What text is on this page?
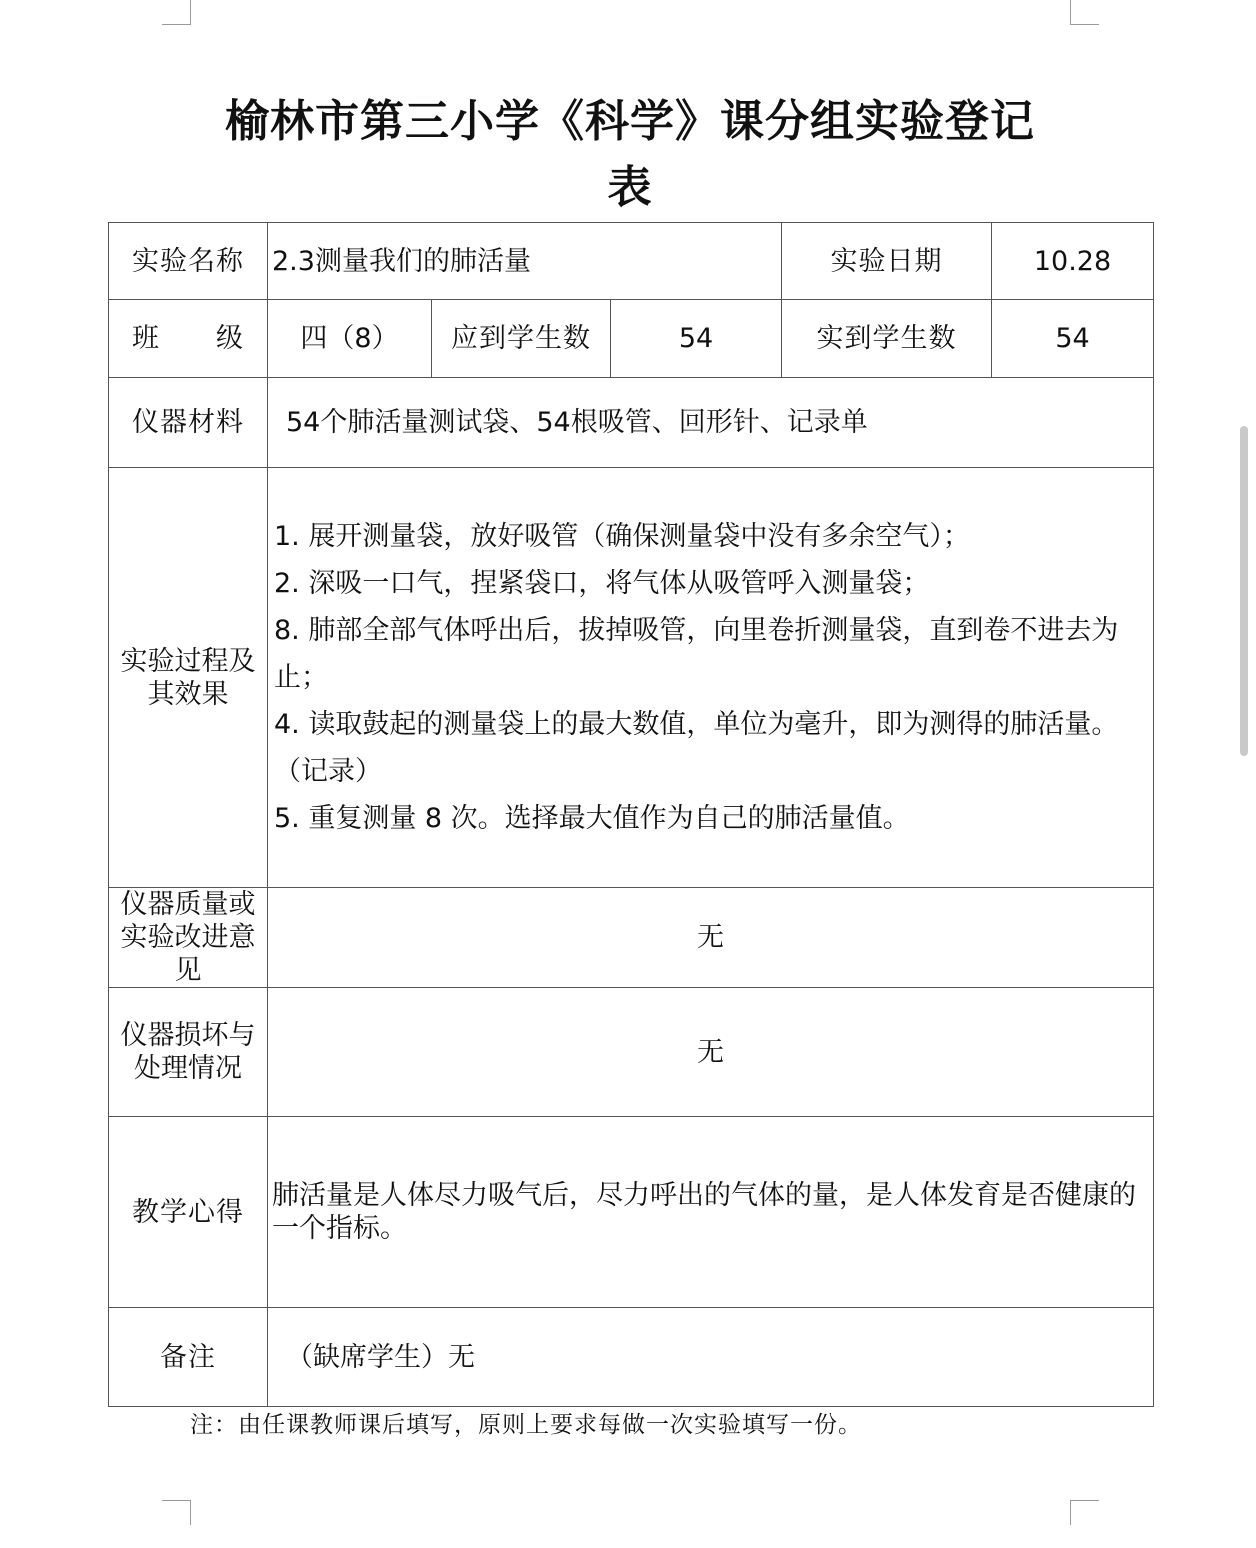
榆林市第三小学《科学》课分组实验登记
表
实验名称	2.3测量我们的肺活量			实验日期	10.28
班　　级	四（8）	应到学生数	54	实到学生数	54
仪器材料	54个肺活量测试袋、54根吸管、回形针、记录单				
实验过程及其效果	1. 展开测量袋，放好吸管（确保测量袋中没有多余空气）；
2. 深吸一口气，捏紧袋口，将气体从吸管呼入测量袋；
8. 肺部全部气体呼出后，拔掉吸管，向里卷折测量袋，直到卷不进去为止；
4. 读取鼓起的测量袋上的最大数值，单位为毫升，即为测得的肺活量。（记录）
5. 重复测量 8 次。选择最大值作为自己的肺活量值。				

仪器质量或实验改进意见	无				
仪器损坏与处理情况	无				
教学心得	肺活量是人体尽力吸气后，尽力呼出的气体的量，是人体发育是否健康的一个指标。				
备注	（缺席学生）无				
注：由任课教师课后填写，原则上要求每做一次实验填写一份。
